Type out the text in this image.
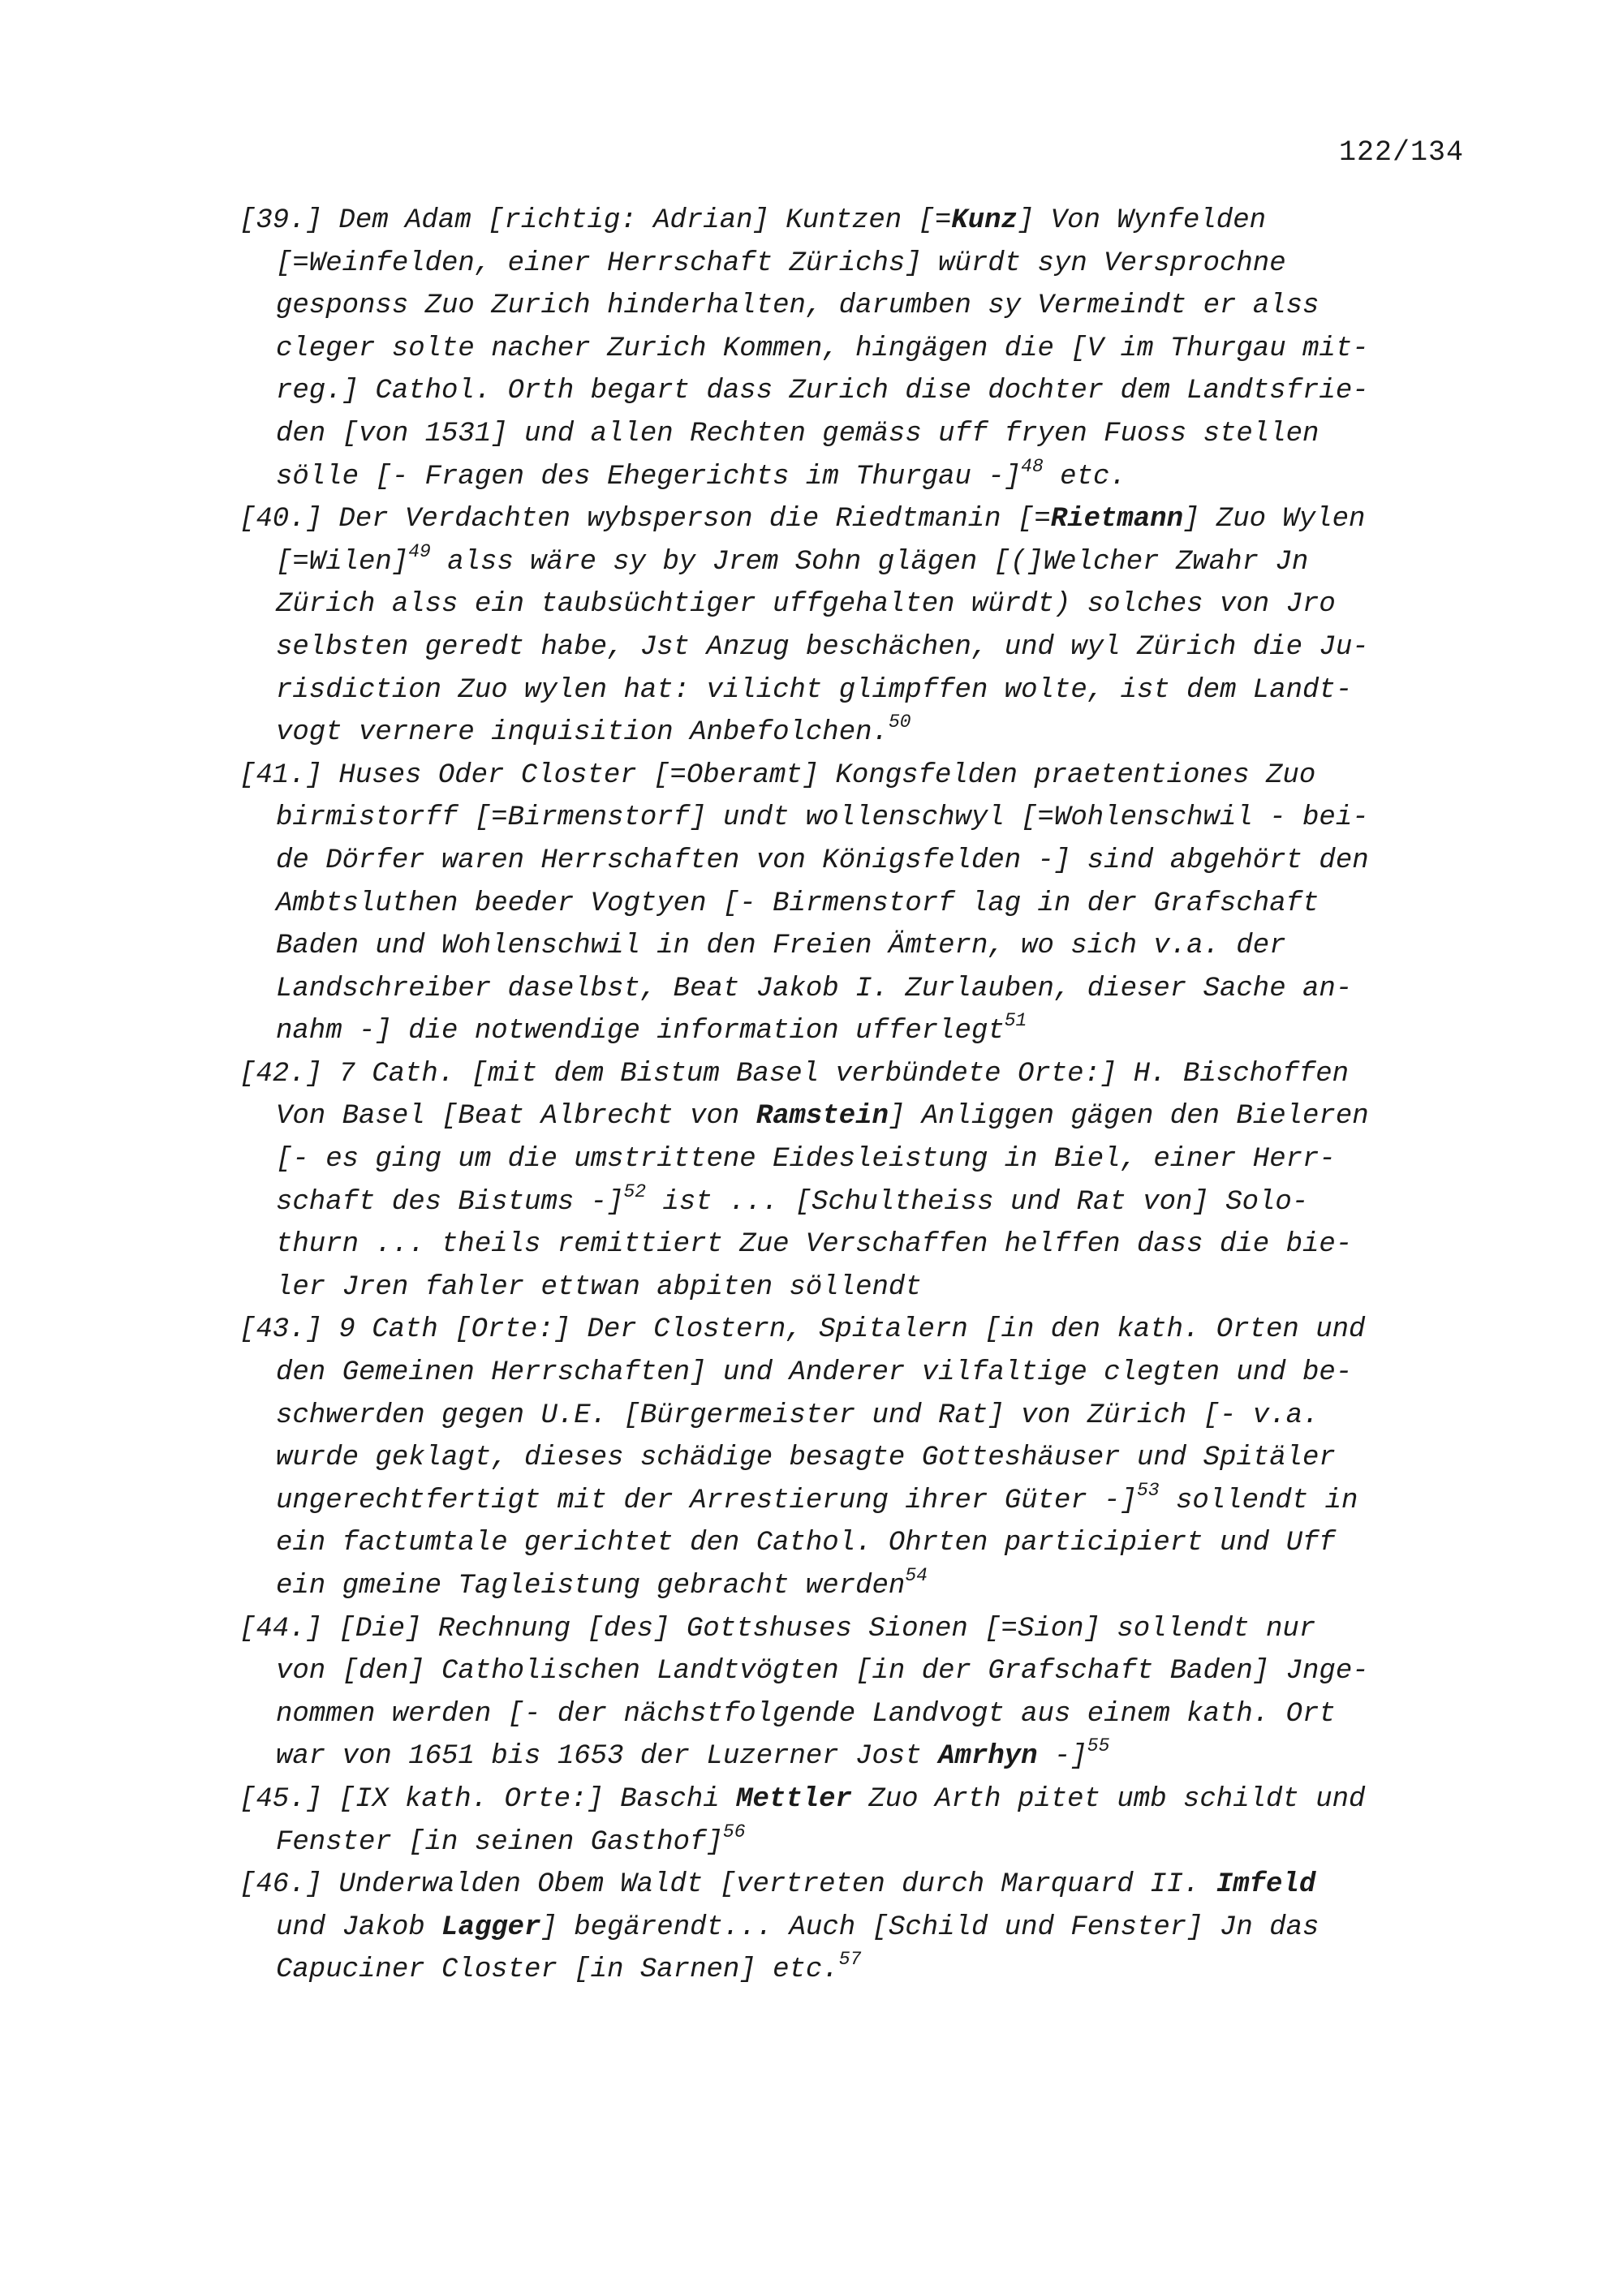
122/134
[39.] Dem Adam [richtig: Adrian] Kuntzen [=Kunz] Von Wynfelden
[=Weinfelden, einer Herrschaft Zürichs] würdt syn Versprochne
gesponss Zuo Zurich hinderhalten, darumben sy Vermeindt er alss
cleger solte nacher Zurich Kommen, hingägen die [V im Thurgau mit-
reg.] Cathol. Orth begart dass Zurich dise dochter dem Landtsfrie-
den [von 1531] und allen Rechten gemäss uff fryen Fuoss stellen
sölle [- Fragen des Ehegerichts im Thurgau -]$^{48}$ etc.
[40.] Der Verdachten wybsperson die Riedtmanin [=Rietmann] Zuo Wylen
[=Wilen]$^{49}$ alss wäre sy by Jrem Sohn glägen [(]Welcher Zwahr Jn
Zürich alss ein taubsüchtiger uffgehalten würdt) solches von Jro
selbsten geredt habe, Jst Anzug beschächen, und wyl Zürich die Ju-
risdiction Zuo wylen hat: vilicht glimpffen wolte, ist dem Landt-
vogt vernere inquisition Anbefolchen.$^{50}$
[41.] Huses Oder Closter [=Oberamt] Kongsfelden praetentiones Zuo
birmistorff [=Birmenstorf] undt wollenschwyl [=Wohlenschwil - bei-
de Dörfer waren Herrschaften von Königsfelden -] sind abgehört den
Ambtsluthen beeder Vogtyen [- Birmenstorf lag in der Grafschaft
Baden und Wohlenschwil in den Freien Ämtern, wo sich v.a. der
Landschreiber daselbst, Beat Jakob I. Zurlauben, dieser Sache an-
nahm -] die notwendige information ufferlegt$^{51}$
[42.] 7 Cath. [mit dem Bistum Basel verbündete Orte:] H. Bischoffen
Von Basel [Beat Albrecht von Ramstein] Anliggen gägen den Bieleren
[- es ging um die umstrittene Eidesleistung in Biel, einer Herr-
schaft des Bistums -]$^{52}$ ist ... [Schultheiss und Rat von] Solo-
thurn ... theils remittiert Zue Verschaffen helffen dass die bie-
ler Jren fahler ettwan abpiten söllendt
[43.] 9 Cath [Orte:] Der Clostern, Spitalern [in den kath. Orten und
den Gemeinen Herrschaften] und Anderer vilfaltige clegten und be-
schwerden gegen U.E. [Bürgermeister und Rat] von Zürich [- v.a.
wurde geklagt, dieses schädige besagte Gotteshäuser und Spitäler
ungerechtfertigt mit der Arrestierung ihrer Güter -]$^{53}$ sollendt in
ein factumtale gerichtet den Cathol. Ohrten participiert und Uff
ein gmeine Tagleistung gebracht werden$^{54}$
[44.] [Die] Rechnung [des] Gottshuses Sionen [=Sion] sollendt nur
von [den] Catholischen Landtvögten [in der Grafschaft Baden] Jnge-
nommen werden [- der nächstfolgende Landvogt aus einem kath. Ort
war von 1651 bis 1653 der Luzerner Jost Amrhyn -]$^{55}$
[45.] [IX kath. Orte:] Baschi Mettler Zuo Arth pitet umb schildt und
Fenster [in seinen Gasthof]$^{56}$
[46.] Underwalden Obem Waldt [vertreten durch Marquard II. Imfeld
und Jakob Lagger] begärendt... Auch [Schild und Fenster] Jn das
Capuciner Closter [in Sarnen] etc.$^{57}$
